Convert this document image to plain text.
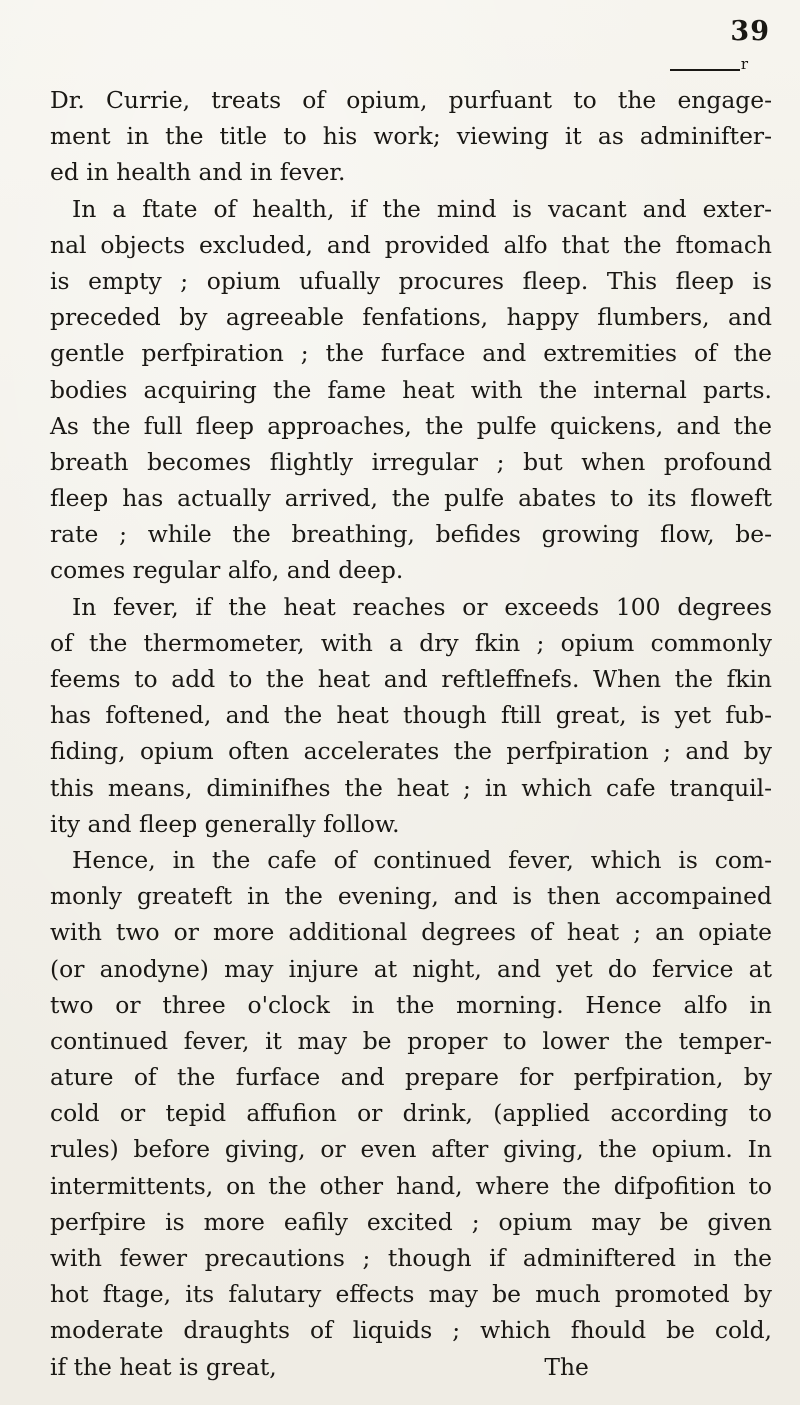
39
r
Dr. Currie, treats of opium, purfuant to the engage-
ment in the title to his work; viewing it as adminifter-
ed in health and in fever.
In a ftate of health, if the mind is vacant and exter-
nal objects excluded, and provided alfo that the ftomach
is empty ; opium ufually procures fleep. This fleep is
preceded by agreeable fenfations, happy flumbers, and
gentle perfpiration ; the furface and extremities of the
bodies acquiring the fame heat with the internal parts.
As the full fleep approaches, the pulfe quickens, and the
breath becomes flightly irregular ; but when profound
fleep has actually arrived, the pulfe abates to its floweft
rate ; while the breathing, befides growing flow, be-
comes regular alfo, and deep.
In fever, if the heat reaches or exceeds 100 degrees
of the thermometer, with a dry fkin ; opium commonly
feems to add to the heat and reftleffnefs. When the fkin
has foftened, and the heat though ftill great, is yet fub-
fiding, opium often accelerates the perfpiration ; and by
this means, diminifhes the heat ; in which cafe tranquil-
ity and fleep generally follow.
Hence, in the cafe of continued fever, which is com-
monly greateft in the evening, and is then accompained
with two or more additional degrees of heat ; an opiate
(or anodyne) may injure at night, and yet do fervice at
two or three o'clock in the morning. Hence alfo in
continued fever, it may be proper to lower the temper-
ature of the furface and prepare for perfpiration, by
cold or tepid affufion or drink, (applied according to
rules) before giving, or even after giving, the opium. In
intermittents, on the other hand, where the difpofition to
perfpire is more eafily excited ; opium may be given
with fewer precautions ; though if adminiftered in the
hot ftage, its falutary effects may be much promoted by
moderate draughts of liquids ; which fhould be cold,
if the heat is great,                                    The
